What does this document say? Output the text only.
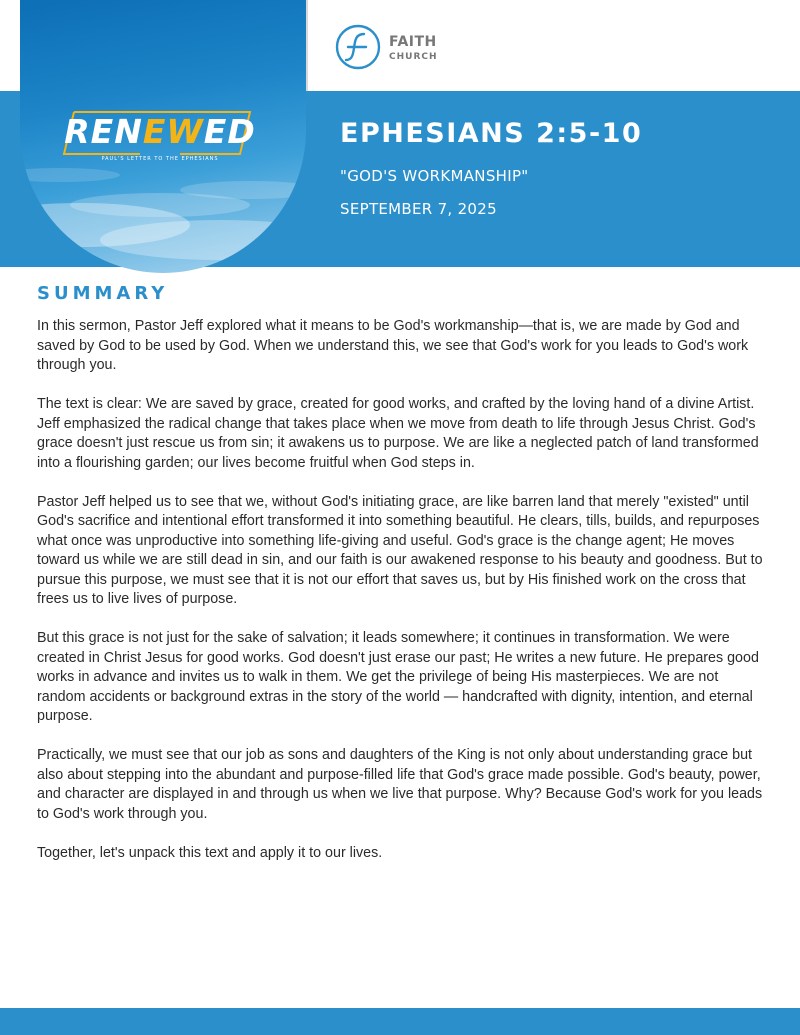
RENEWED
PAUL'S LETTER TO THE EPHESIANS
FAITH
CHURCH
EPHESIANS 2:5-10
"GOD'S WORKMANSHIP"
SEPTEMBER 7, 2025
SUMMARY

In this sermon, Pastor Jeff explored what it means to be God's workmanship—that is, we are made by God and saved by God to be used by God. When we understand this, we see that God's work for you leads to God's work through you.

The text is clear: We are saved by grace, created for good works, and crafted by the loving hand of a divine Artist. Jeff emphasized the radical change that takes place when we move from death to life through Jesus Christ. God's grace doesn't just rescue us from sin; it awakens us to purpose. We are like a neglected patch of land transformed into a flourishing garden; our lives become fruitful when God steps in.

Pastor Jeff helped us to see that we, without God's initiating grace, are like barren land that merely "existed" until God's sacrifice and intentional effort transformed it into something beautiful. He clears, tills, builds, and repurposes what once was unproductive into something life-giving and useful. God's grace is the change agent; He moves toward us while we are still dead in sin, and our faith is our awakened response to his beauty and goodness. But to pursue this purpose, we must see that it is not our effort that saves us, but by His finished work on the cross that frees us to live lives of purpose.

But this grace is not just for the sake of salvation; it leads somewhere; it continues in transformation. We were created in Christ Jesus for good works. God doesn't just erase our past; He writes a new future. He prepares good works in advance and invites us to walk in them. We get the privilege of being His masterpieces. We are not random accidents or background extras in the story of the world — handcrafted with dignity, intention, and eternal purpose.

Practically, we must see that our job as sons and daughters of the King is not only about understanding grace but also about stepping into the abundant and purpose-filled life that God's grace made possible. God's beauty, power, and character are displayed in and through us when we live that purpose. Why? Because God's work for you leads to God's work through you.

Together, let's unpack this text and apply it to our lives.
